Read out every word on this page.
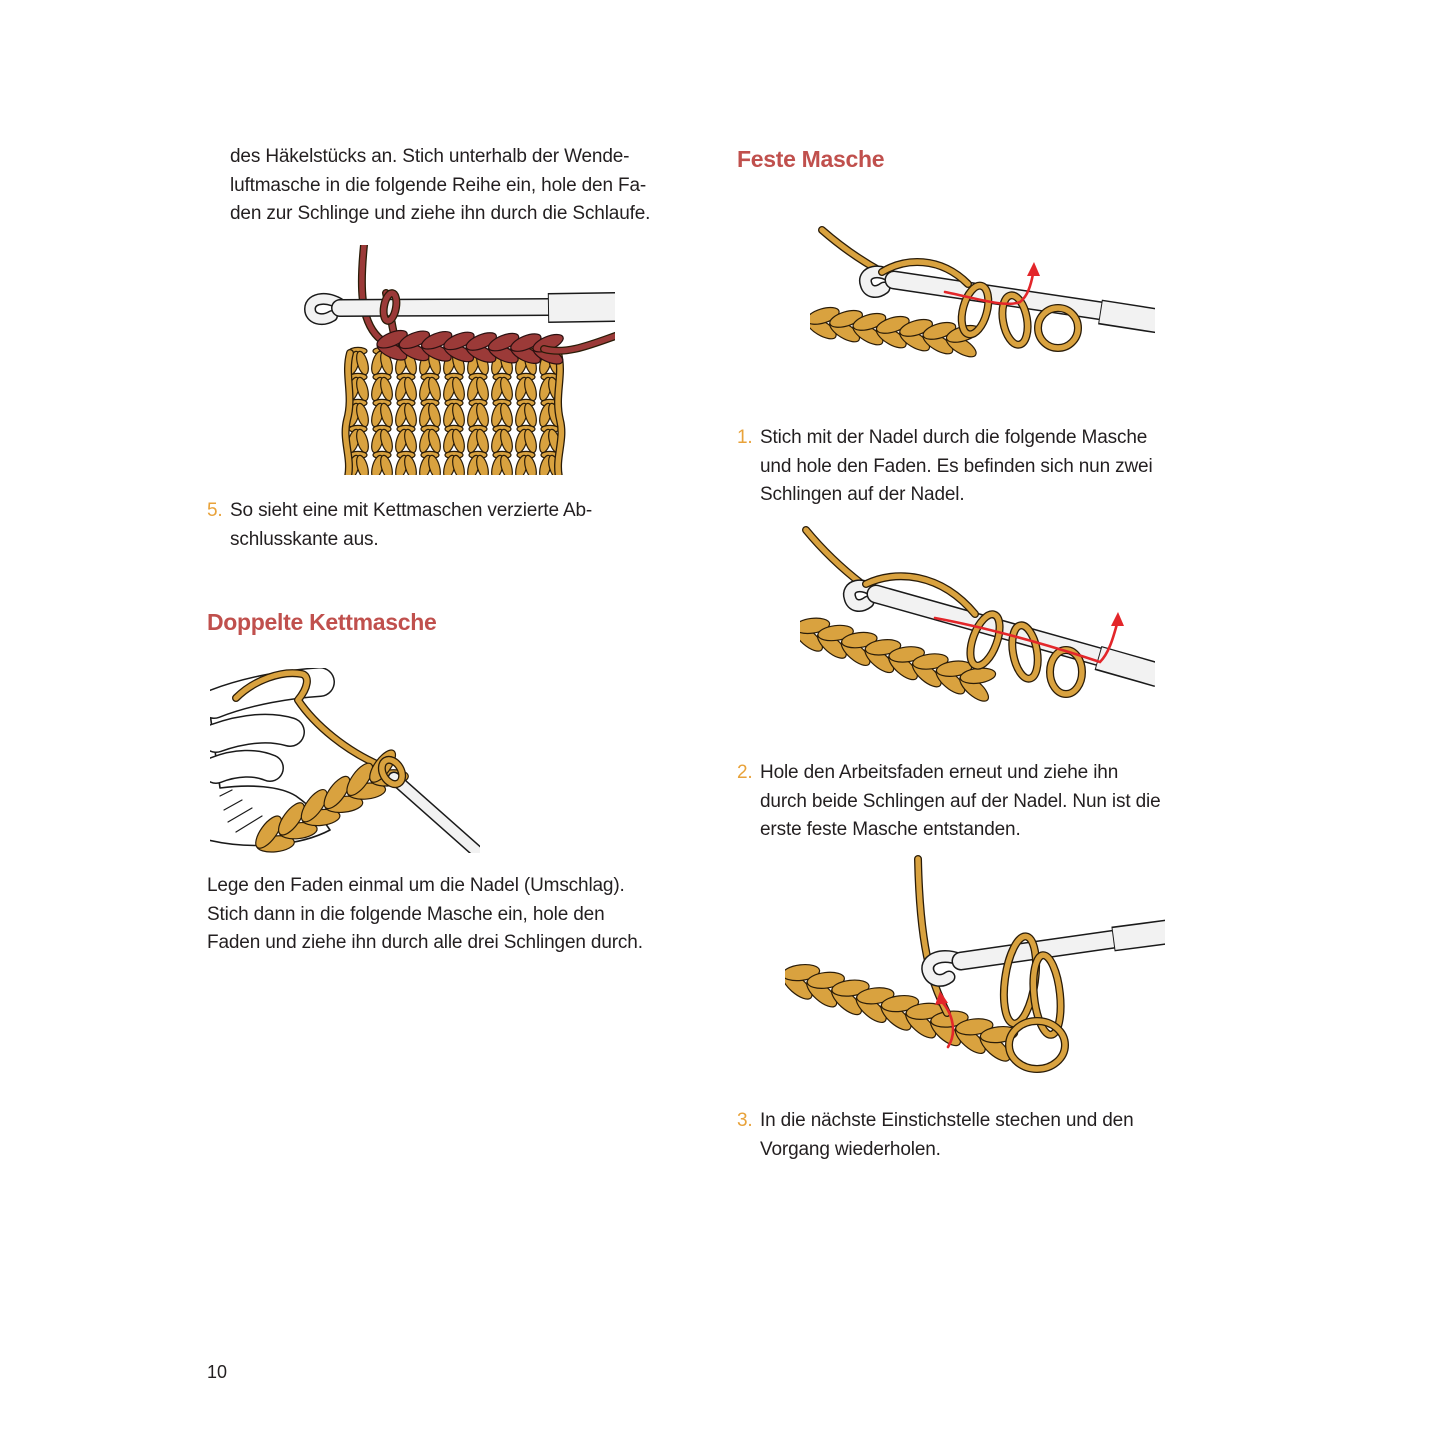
des Häkelstücks an. Stich unterhalb der Wende-
luftmasche in die folgende Reihe ein, hole den Fa-
den zur Schlinge und ziehe ihn durch die Schlaufe.
5. So sieht eine mit Kettmaschen verzierte Ab-
schlusskante aus.
Doppelte Kettmasche
Lege den Faden einmal um die Nadel (Umschlag).
Stich dann in die folgende Masche ein, hole den
Faden und ziehe ihn durch alle drei Schlingen durch.
Feste Masche
1. Stich mit der Nadel durch die folgende Masche
und hole den Faden. Es befinden sich nun zwei
Schlingen auf der Nadel.
2. Hole den Arbeitsfaden erneut und ziehe ihn
durch beide Schlingen auf der Nadel. Nun ist die
erste feste Masche entstanden.
3. In die nächste Einstichstelle stechen und den
Vorgang wiederholen.
10
